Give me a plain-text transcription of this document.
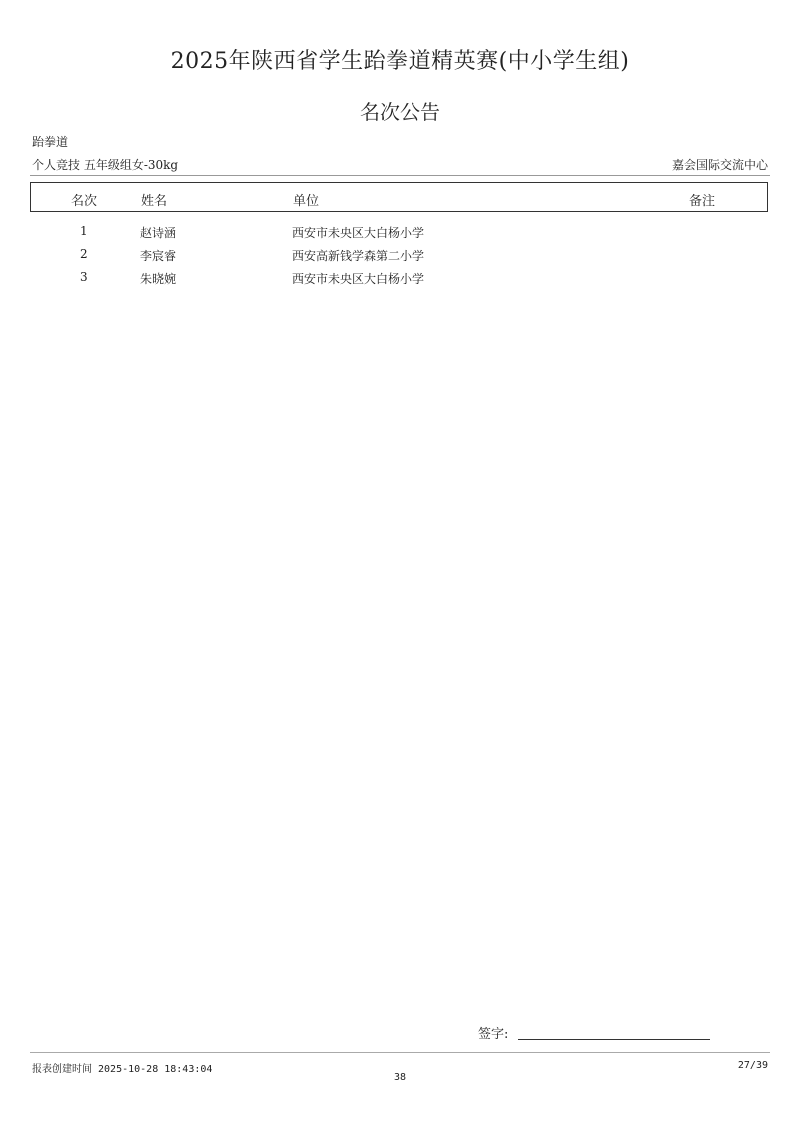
2025年陕西省学生跆拳道精英赛(中小学生组)
名次公告
跆拳道
个人竞技 五年级组女-30kg	嘉会国际交流中心
名次	姓名	单位	备注
1	赵诗涵	西安市未央区大白杨小学
2	李宸睿	西安高新钱学森第二小学
3	朱晓婉	西安市未央区大白杨小学
签字:
报表创建时间 2025-10-28 18:43:04	27/39
38
